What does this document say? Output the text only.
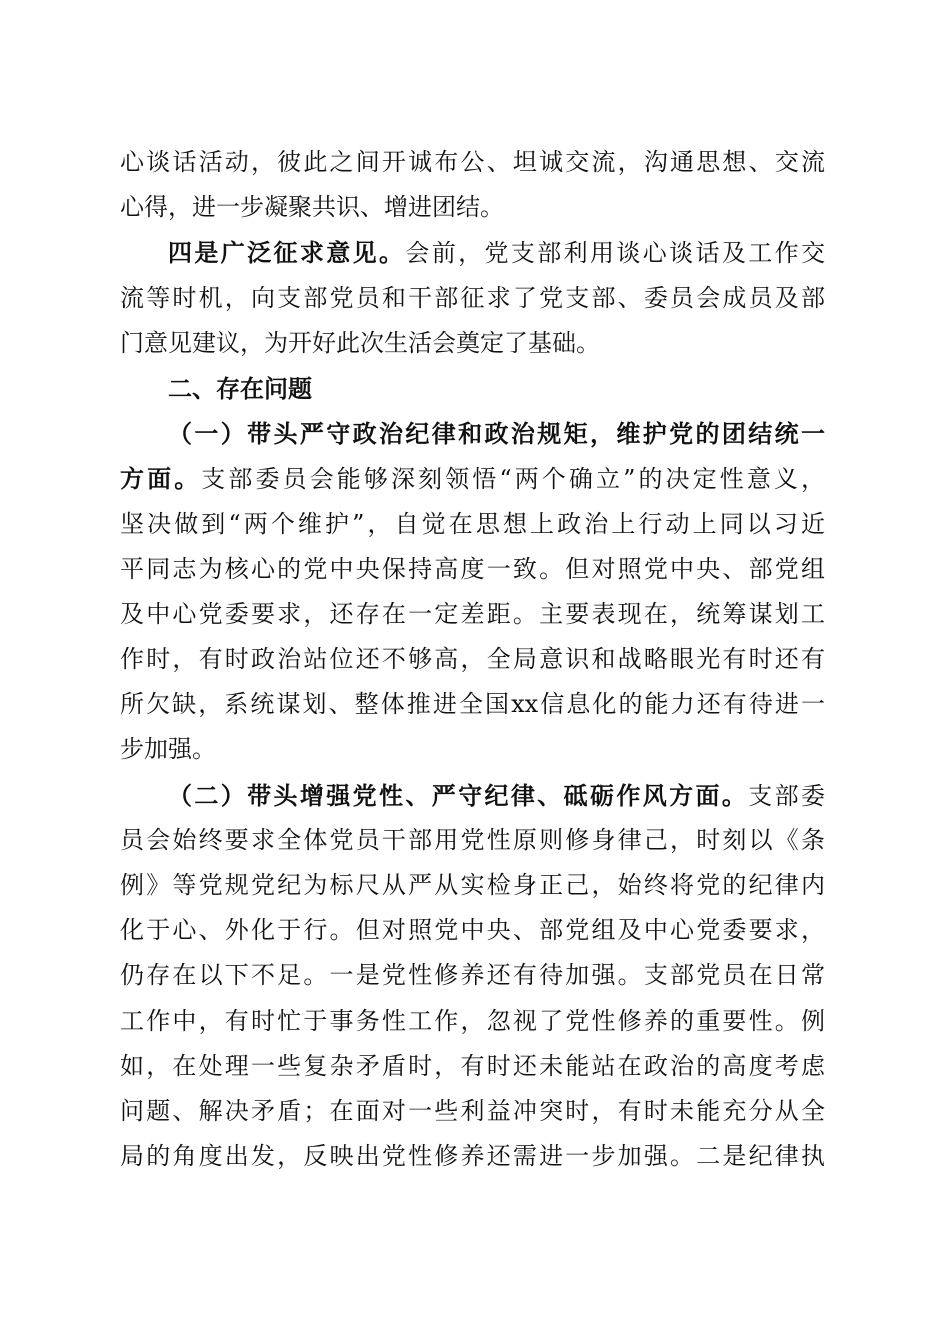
心谈话活动，彼此之间开诚布公、坦诚交流，沟通思想、交流
心得，进一步凝聚共识、增进团结。
四是广泛征求意见。会前，党支部利用谈心谈话及工作交
流等时机，向支部党员和干部征求了党支部、委员会成员及部
门意见建议，为开好此次生活会奠定了基础。
二、存在问题
（一）带头严守政治纪律和政治规矩，维护党的团结统一
方面。支部委员会能够深刻领悟“两个确立”的决定性意义，
坚决做到“两个维护”，自觉在思想上政治上行动上同以习近
平同志为核心的党中央保持高度一致。但对照党中央、部党组
及中心党委要求，还存在一定差距。主要表现在，统筹谋划工
作时，有时政治站位还不够高，全局意识和战略眼光有时还有
所欠缺，系统谋划、整体推进全国xx信息化的能力还有待进一
步加强。
（二）带头增强党性、严守纪律、砥砺作风方面。支部委
员会始终要求全体党员干部用党性原则修身律己，时刻以《条
例》等党规党纪为标尺从严从实检身正己，始终将党的纪律内
化于心、外化于行。但对照党中央、部党组及中心党委要求，
仍存在以下不足。一是党性修养还有待加强。支部党员在日常
工作中，有时忙于事务性工作，忽视了党性修养的重要性。例
如，在处理一些复杂矛盾时，有时还未能站在政治的高度考虑
问题、解决矛盾；在面对一些利益冲突时，有时未能充分从全
局的角度出发，反映出党性修养还需进一步加强。二是纪律执
